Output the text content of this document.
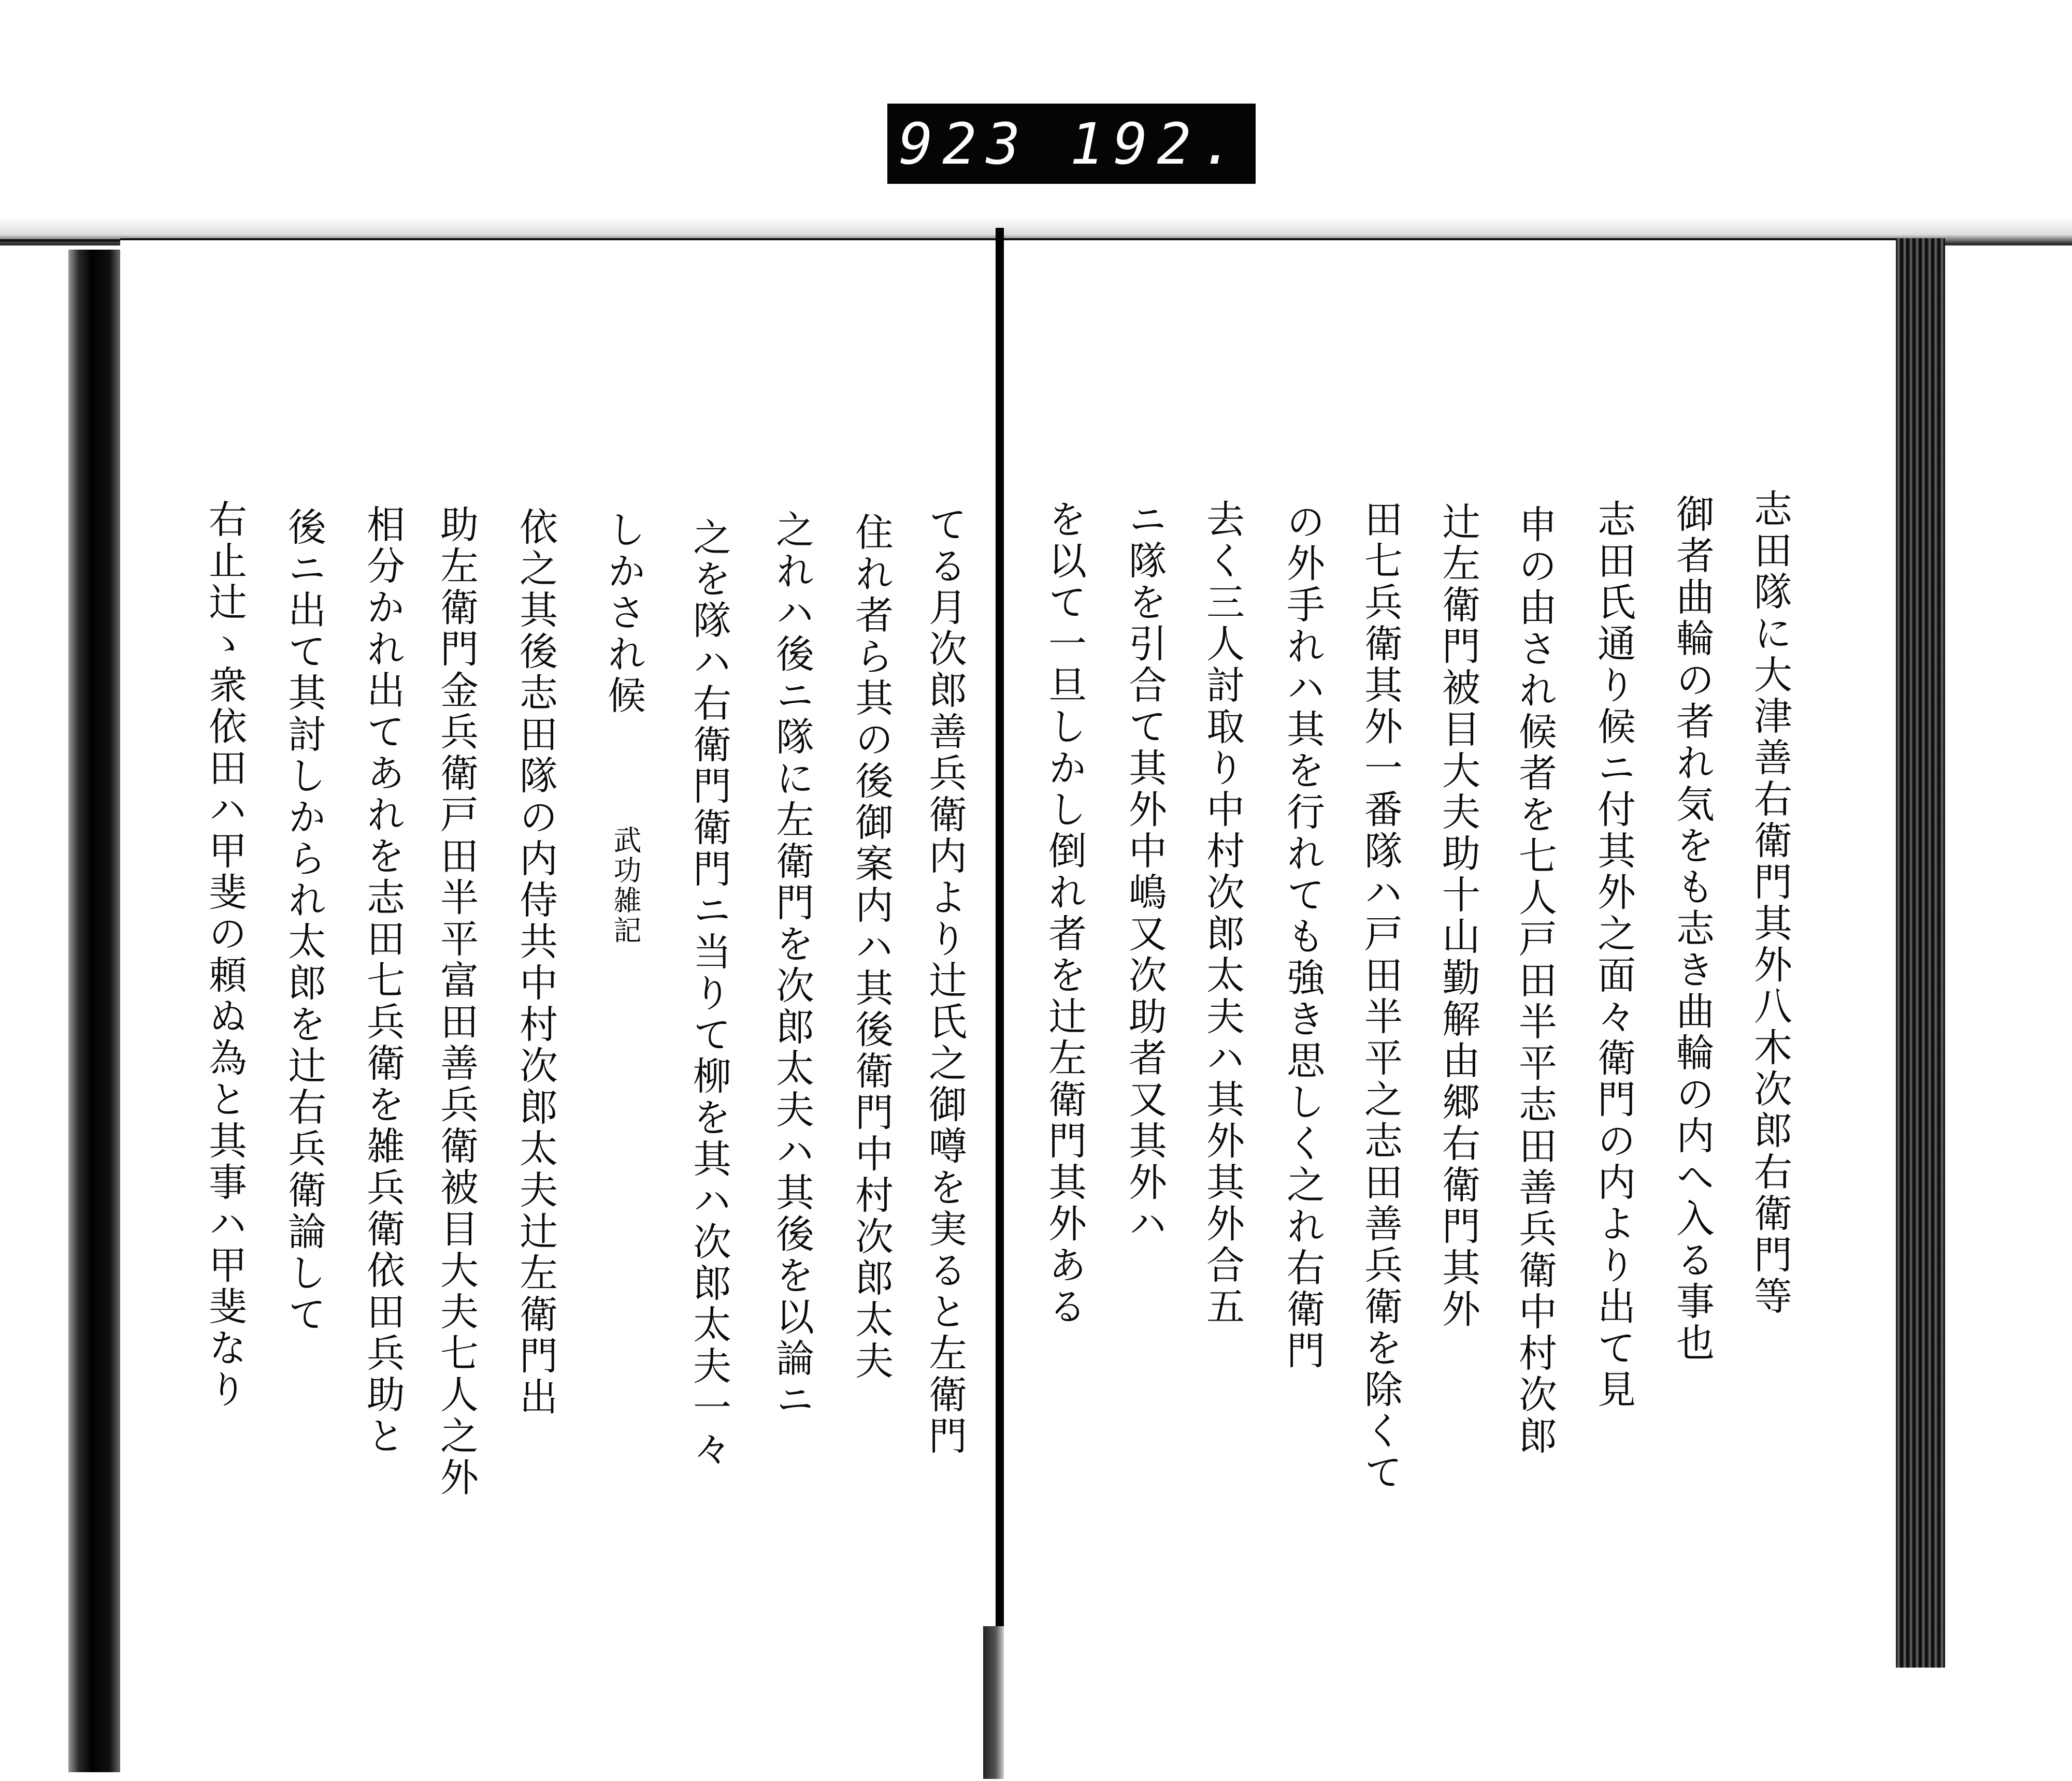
923 192.
てる月次郎善兵衛内より辻氏之御噂を実ると左衛門
住れ者ら其の後御案内ハ其後衛門中村次郎太夫
之れハ後ニ隊に左衛門を次郎太夫ハ其後を以論ニ
之を隊ハ右衛門衛門ニ当りて柳を其ハ次郎太夫一々
しかされ候
武功雑記
依之其後志田隊の内侍共中村次郎太夫辻左衛門出
助左衛門金兵衛戸田半平富田善兵衛被目大夫七人之外
相分かれ出てあれを志田七兵衛を雑兵衛依田兵助と
後ニ出て其討しかられ太郎を辻右兵衛論して
右止辻ゝ衆依田ハ甲斐の頼ぬ為と其事ハ甲斐なり	志田隊に大津善右衛門其外八木次郎右衛門等
御者曲輪の者れ気をも志き曲輪の内へ入る事也
志田氏通り候ニ付其外之面々衛門の内より出て見
申の由され候者を七人戸田半平志田善兵衛中村次郎
辻左衛門被目大夫助十山勤解由郷右衛門其外
田七兵衛其外一番隊ハ戸田半平之志田善兵衛を除くて
の外手れハ其を行れても強き思しく之れ右衛門
去く三人討取り中村次郎太夫ハ其外其外合五
ニ隊を引合て其外中嶋又次助者又其外ハ
を以て一旦しかし倒れ者を辻左衛門其外ある
